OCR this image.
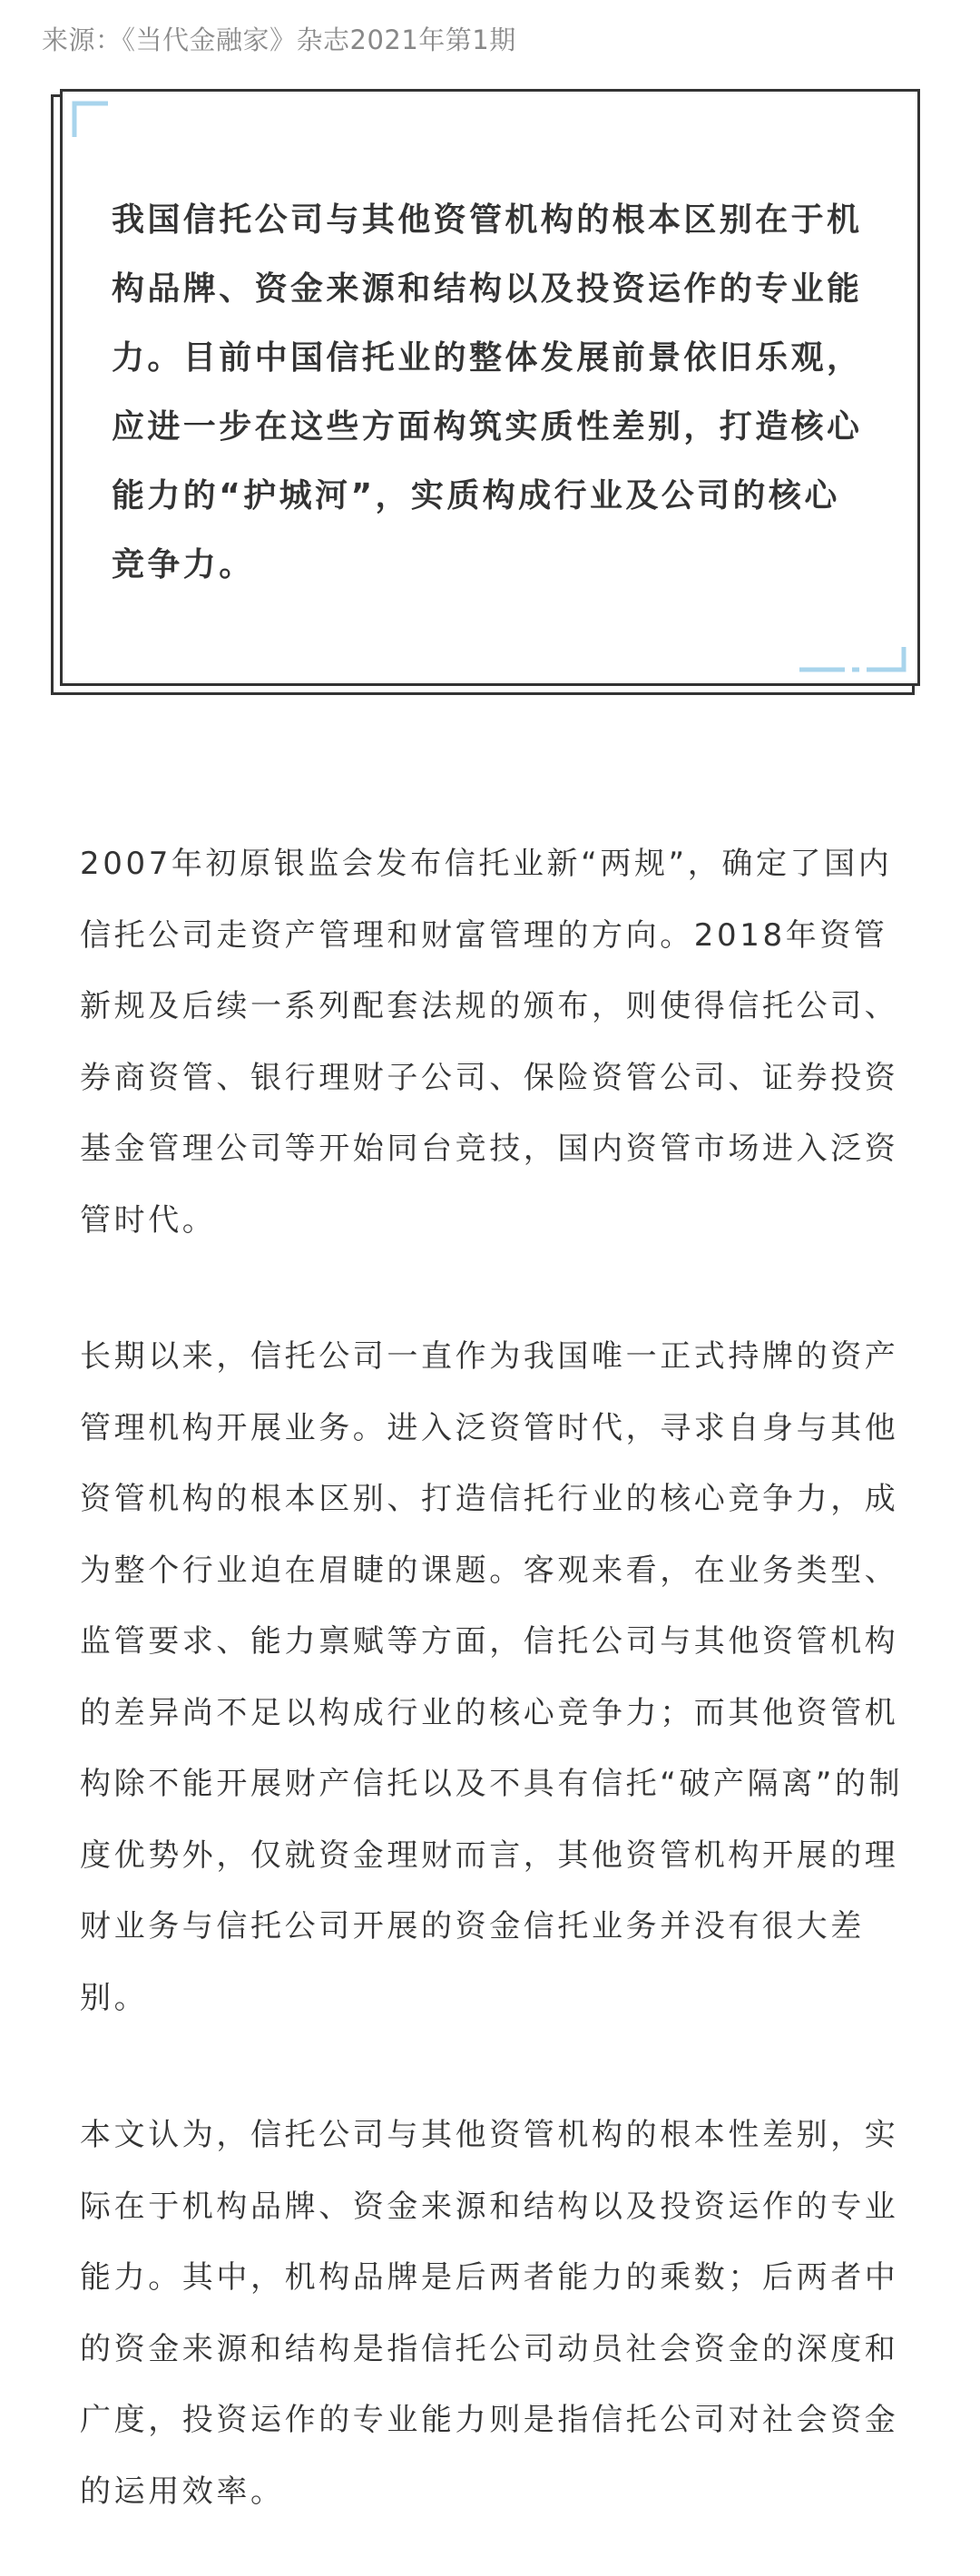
来源：《当代金融家》杂志2021年第1期
我国信托公司与其他资管机构的根本区别在于机构品牌、资金来源和结构以及投资运作的专业能力。目前中国信托业的整体发展前景依旧乐观，应进一步在这些方面构筑实质性差别，打造核心能力的“护城河”，实质构成行业及公司的核心竞争力。

2007年初原银监会发布信托业新“两规”，确定了国内信托公司走资产管理和财富管理的方向。2018年资管新规及后续一系列配套法规的颁布，则使得信托公司、券商资管、银行理财子公司、保险资管公司、证券投资基金管理公司等开始同台竞技，国内资管市场进入泛资管时代。

长期以来，信托公司一直作为我国唯一正式持牌的资产管理机构开展业务。进入泛资管时代，寻求自身与其他资管机构的根本区别、打造信托行业的核心竞争力，成为整个行业迫在眉睫的课题。客观来看，在业务类型、监管要求、能力禀赋等方面，信托公司与其他资管机构的差异尚不足以构成行业的核心竞争力；而其他资管机构除不能开展财产信托以及不具有信托“破产隔离”的制度优势外，仅就资金理财而言，其他资管机构开展的理财业务与信托公司开展的资金信托业务并没有很大差别。

本文认为，信托公司与其他资管机构的根本性差别，实际在于机构品牌、资金来源和结构以及投资运作的专业能力。其中，机构品牌是后两者能力的乘数；后两者中的资金来源和结构是指信托公司动员社会资金的深度和广度，投资运作的专业能力则是指信托公司对社会资金的运用效率。
